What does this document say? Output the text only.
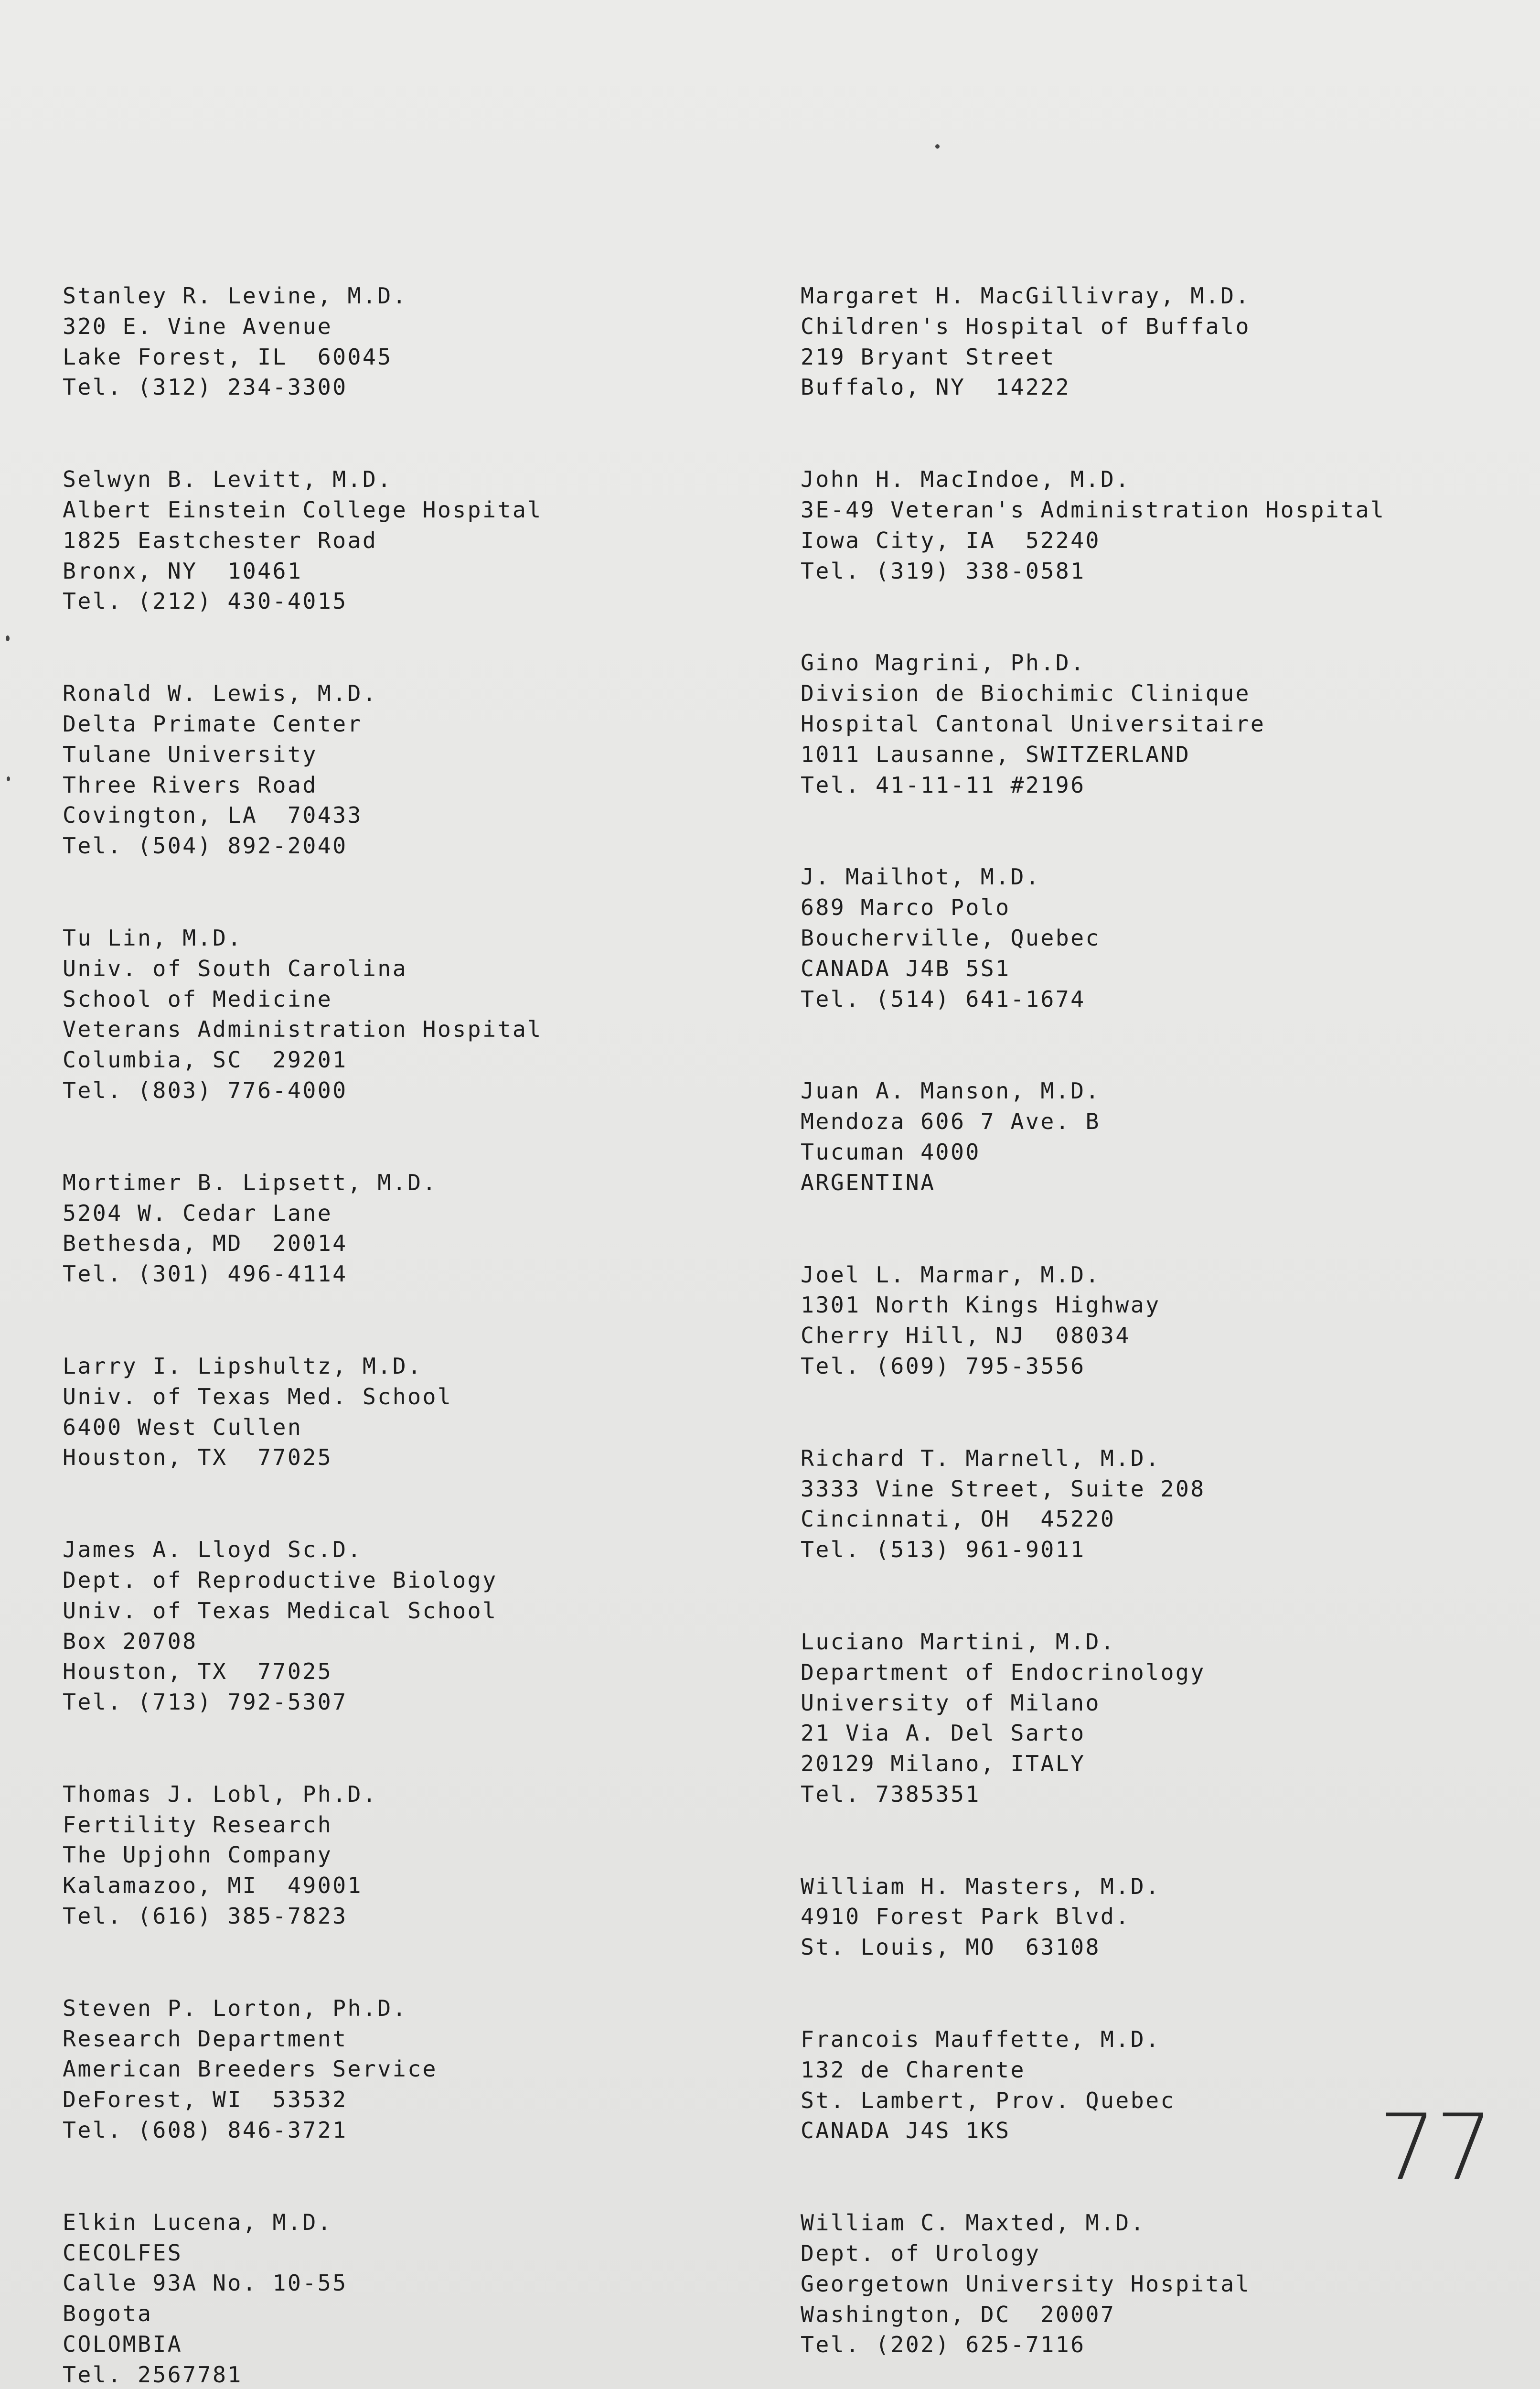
Stanley R. Levine, M.D.
320 E. Vine Avenue
Lake Forest, IL  60045
Tel. (312) 234-3300
Selwyn B. Levitt, M.D.
Albert Einstein College Hospital
1825 Eastchester Road
Bronx, NY  10461
Tel. (212) 430-4015
Ronald W. Lewis, M.D.
Delta Primate Center
Tulane University
Three Rivers Road
Covington, LA  70433
Tel. (504) 892-2040
Tu Lin, M.D.
Univ. of South Carolina
School of Medicine
Veterans Administration Hospital
Columbia, SC  29201
Tel. (803) 776-4000
Mortimer B. Lipsett, M.D.
5204 W. Cedar Lane
Bethesda, MD  20014
Tel. (301) 496-4114
Larry I. Lipshultz, M.D.
Univ. of Texas Med. School
6400 West Cullen
Houston, TX  77025
James A. Lloyd Sc.D.
Dept. of Reproductive Biology
Univ. of Texas Medical School
Box 20708
Houston, TX  77025
Tel. (713) 792-5307
Thomas J. Lobl, Ph.D.
Fertility Research
The Upjohn Company
Kalamazoo, MI  49001
Tel. (616) 385-7823
Steven P. Lorton, Ph.D.
Research Department
American Breeders Service
DeForest, WI  53532
Tel. (608) 846-3721
Elkin Lucena, M.D.
CECOLFES
Calle 93A No. 10-55
Bogota
COLOMBIA
Tel. 2567781
Margaret H. MacGillivray, M.D.
Children's Hospital of Buffalo
219 Bryant Street
Buffalo, NY  14222
John H. MacIndoe, M.D.
3E-49 Veteran's Administration Hospital
Iowa City, IA  52240
Tel. (319) 338-0581
Gino Magrini, Ph.D.
Division de Biochimic Clinique
Hospital Cantonal Universitaire
1011 Lausanne, SWITZERLAND
Tel. 41-11-11 #2196
J. Mailhot, M.D.
689 Marco Polo
Boucherville, Quebec
CANADA J4B 5S1
Tel. (514) 641-1674
Juan A. Manson, M.D.
Mendoza 606 7 Ave. B
Tucuman 4000
ARGENTINA
Joel L. Marmar, M.D.
1301 North Kings Highway
Cherry Hill, NJ  08034
Tel. (609) 795-3556
Richard T. Marnell, M.D.
3333 Vine Street, Suite 208
Cincinnati, OH  45220
Tel. (513) 961-9011
Luciano Martini, M.D.
Department of Endocrinology
University of Milano
21 Via A. Del Sarto
20129 Milano, ITALY
Tel. 7385351
William H. Masters, M.D.
4910 Forest Park Blvd.
St. Louis, MO  63108
Francois Mauffette, M.D.
132 de Charente
St. Lambert, Prov. Quebec
CANADA J4S 1KS
William C. Maxted, M.D.
Dept. of Urology
Georgetown University Hospital
Washington, DC  20007
Tel. (202) 625-7116
77
